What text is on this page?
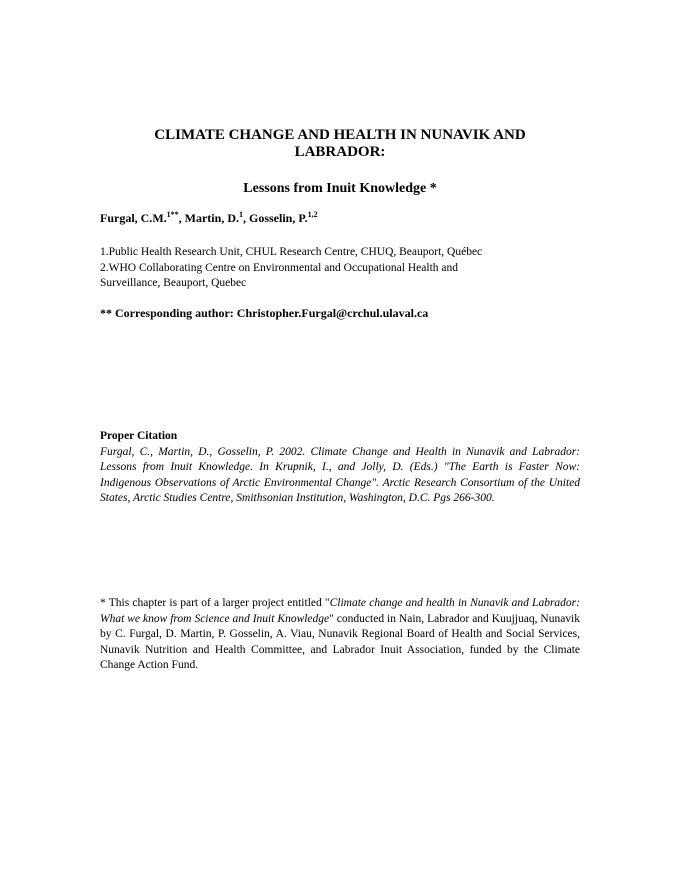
CLIMATE CHANGE AND HEALTH IN NUNAVIK AND
LABRADOR:
Lessons from Inuit Knowledge *
Furgal, C.M.$^{1**}$, Martin, D.$^1$, Gosselin, P.$^{1,2}$

1.Public Health Research Unit, CHUL Research Centre, CHUQ, Beauport, Québec

2.WHO Collaborating Centre on Environmental and Occupational Health and

Surveillance, Beauport, Quebec

** Corresponding author: Christopher.Furgal@crchul.ulaval.ca
Proper Citation
Furgal, C., Martin, D., Gosselin, P. 2002. Climate Change and Health in Nunavik and Labrador: Lessons from Inuit Knowledge. In Krupnik, I., and Jolly, D. (Eds.) "The Earth is Faster Now: Indigenous Observations of Arctic Environmental Change". Arctic Research Consortium of the United States, Arctic Studies Centre, Smithsonian Institution, Washington, D.C. Pgs 266-300.
* This chapter is part of a larger project entitled "Climate change and health in Nunavik and Labrador: What we know from Science and Inuit Knowledge" conducted in Nain, Labrador and Kuujjuaq, Nunavik by C. Furgal, D. Martin, P. Gosselin, A. Viau, Nunavik Regional Board of Health and Social Services, Nunavik Nutrition and Health Committee, and Labrador Inuit Association, funded by the Climate Change Action Fund.
